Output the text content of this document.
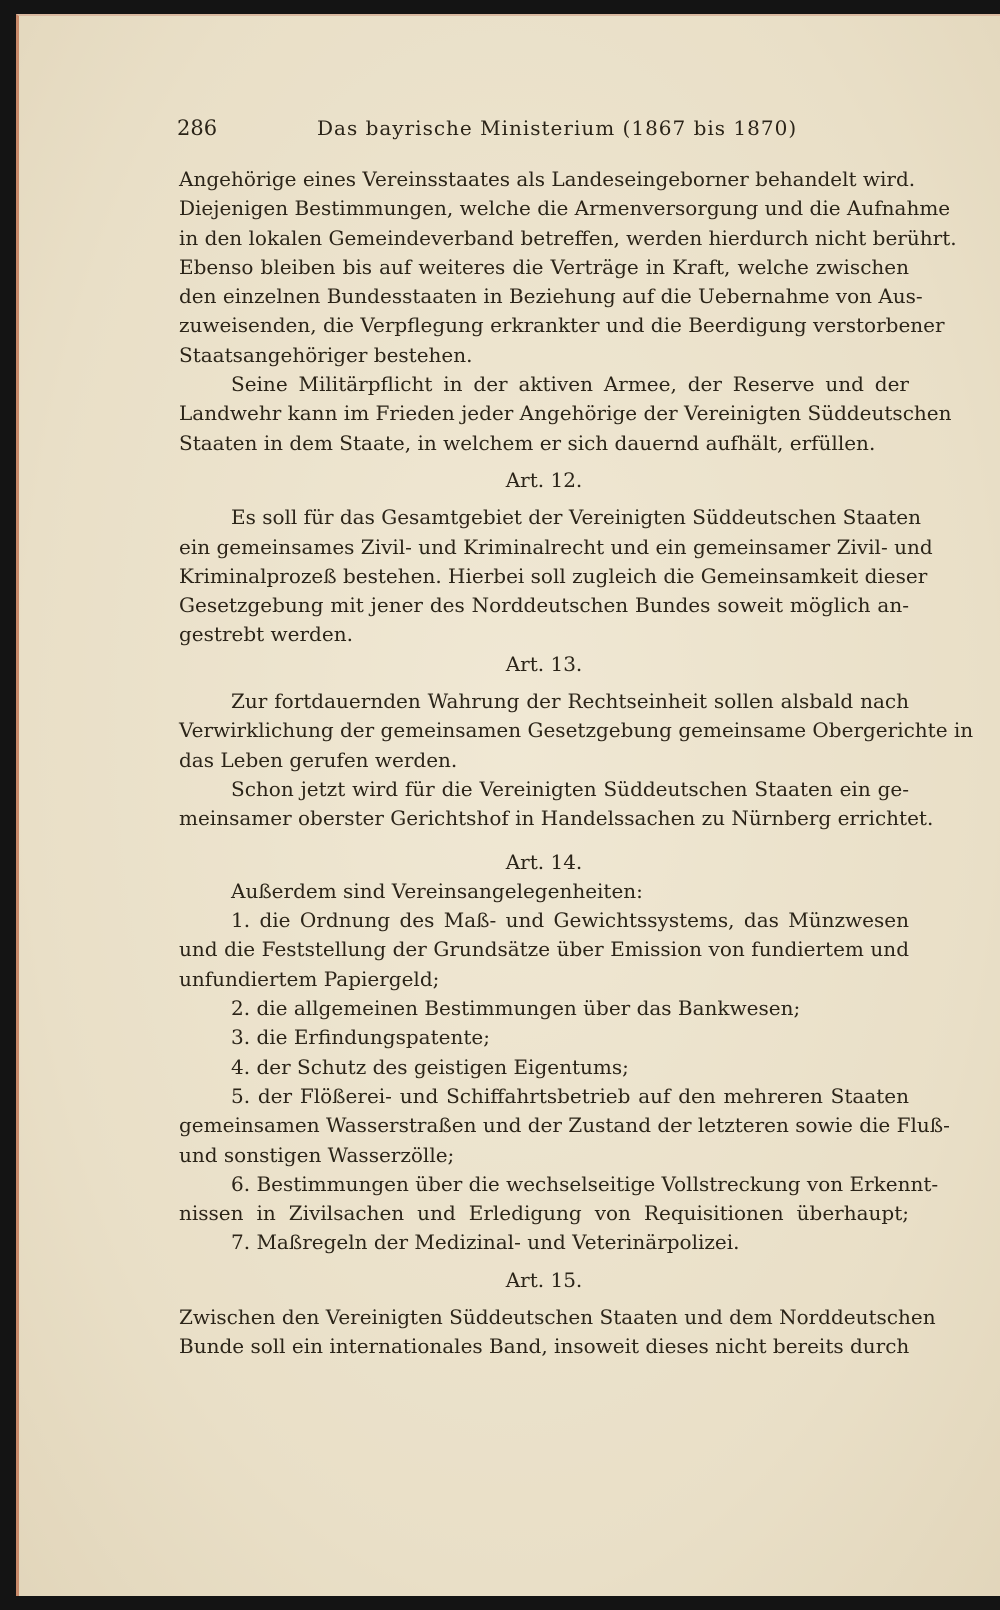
286	Das bayrische Ministerium (1867 bis 1870)
Angehörige eines Vereinsstaates als Landeseingeborner behandelt wird.
Diejenigen Bestimmungen, welche die Armenversorgung und die Aufnahme
in den lokalen Gemeindeverband betreffen, werden hierdurch nicht berührt.
Ebenso bleiben bis auf weiteres die Verträge in Kraft, welche zwischen
den einzelnen Bundesstaaten in Beziehung auf die Uebernahme von Aus-
zuweisenden, die Verpflegung erkrankter und die Beerdigung verstorbener
Staatsangehöriger bestehen.
Seine Militärpflicht in der aktiven Armee, der Reserve und der
Landwehr kann im Frieden jeder Angehörige der Vereinigten Süddeutschen
Staaten in dem Staate, in welchem er sich dauernd aufhält, erfüllen.
Art. 12.
Es soll für das Gesamtgebiet der Vereinigten Süddeutschen Staaten
ein gemeinsames Zivil- und Kriminalrecht und ein gemeinsamer Zivil- und
Kriminalprozeß bestehen. Hierbei soll zugleich die Gemeinsamkeit dieser
Gesetzgebung mit jener des Norddeutschen Bundes soweit möglich an-
gestrebt werden.
Art. 13.
Zur fortdauernden Wahrung der Rechtseinheit sollen alsbald nach
Verwirklichung der gemeinsamen Gesetzgebung gemeinsame Obergerichte in
das Leben gerufen werden.
Schon jetzt wird für die Vereinigten Süddeutschen Staaten ein ge-
meinsamer oberster Gerichtshof in Handelssachen zu Nürnberg errichtet.
Art. 14.
Außerdem sind Vereinsangelegenheiten:
1. die Ordnung des Maß- und Gewichtssystems, das Münzwesen
und die Feststellung der Grundsätze über Emission von fundiertem und
unfundiertem Papiergeld;
2. die allgemeinen Bestimmungen über das Bankwesen;
3. die Erfindungspatente;
4. der Schutz des geistigen Eigentums;
5. der Flößerei- und Schiffahrtsbetrieb auf den mehreren Staaten
gemeinsamen Wasserstraßen und der Zustand der letzteren sowie die Fluß-
und sonstigen Wasserzölle;
6. Bestimmungen über die wechselseitige Vollstreckung von Erkennt-
nissen in Zivilsachen und Erledigung von Requisitionen überhaupt;
7. Maßregeln der Medizinal- und Veterinärpolizei.
Art. 15.
Zwischen den Vereinigten Süddeutschen Staaten und dem Norddeutschen
Bunde soll ein internationales Band, insoweit dieses nicht bereits durch
